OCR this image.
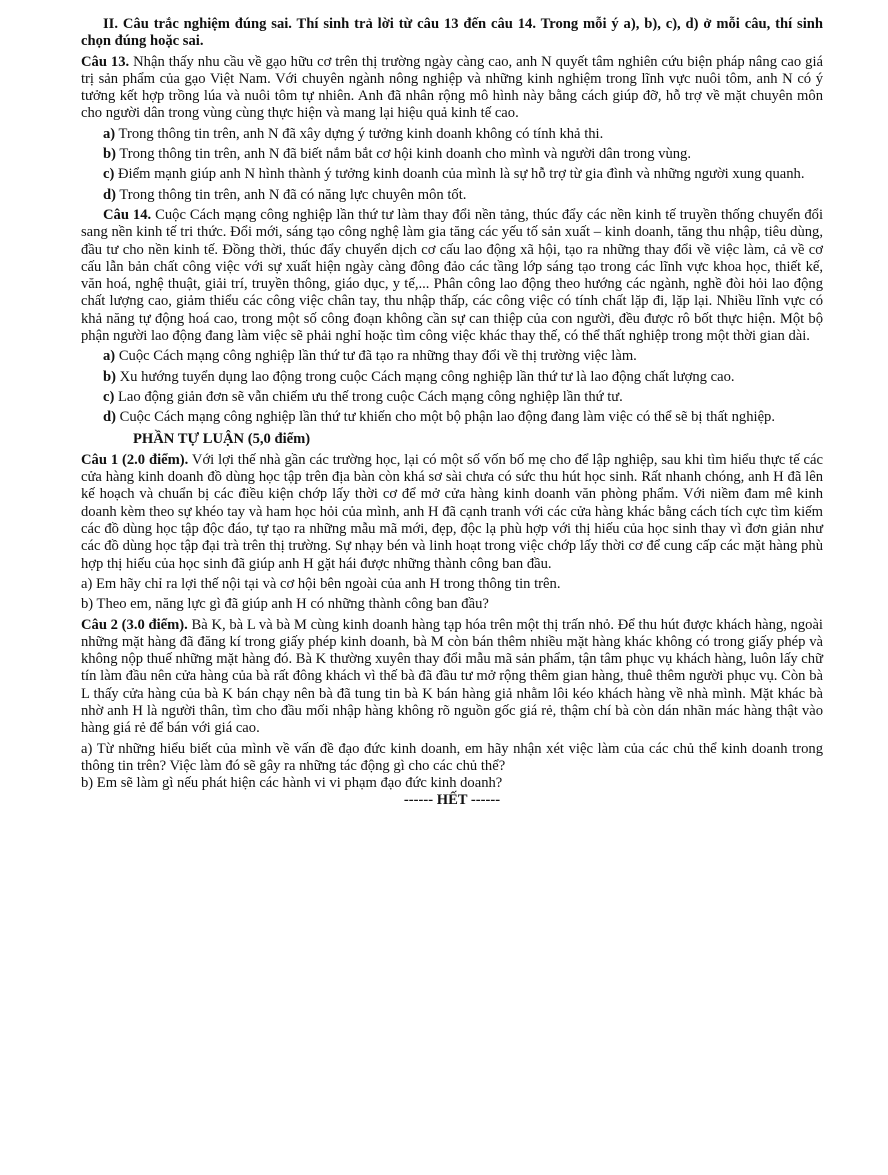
II. Câu trắc nghiệm đúng sai. Thí sinh trả lời từ câu 13 đến câu 14. Trong mỗi ý a), b), c), d) ở mỗi câu, thí sinh chọn đúng hoặc sai.

Câu 13. Nhận thấy nhu cầu về gạo hữu cơ trên thị trường ngày càng cao, anh N quyết tâm nghiên cứu biện pháp nâng cao giá trị sản phẩm của gạo Việt Nam. Với chuyên ngành nông nghiệp và những kinh nghiệm trong lĩnh vực nuôi tôm, anh N có ý tưởng kết hợp trồng lúa và nuôi tôm tự nhiên. Anh đã nhân rộng mô hình này bằng cách giúp đỡ, hỗ trợ về mặt chuyên môn cho người dân trong vùng cùng thực hiện và mang lại hiệu quả kinh tế cao.

a) Trong thông tin trên, anh N đã xây dựng ý tưởng kinh doanh không có tính khả thi.

b) Trong thông tin trên, anh N đã biết nắm bắt cơ hội kinh doanh cho mình và người dân trong vùng.

c) Điểm mạnh giúp anh N hình thành ý tưởng kinh doanh của mình là sự hỗ trợ từ gia đình và những người xung quanh.

d) Trong thông tin trên, anh N đã có năng lực chuyên môn tốt.

Câu 14. Cuộc Cách mạng công nghiệp lần thứ tư làm thay đổi nền tảng, thúc đẩy các nền kinh tế truyền thống chuyển đổi sang nền kinh tế tri thức. Đổi mới, sáng tạo công nghệ làm gia tăng các yếu tố sản xuất – kinh doanh, tăng thu nhập, tiêu dùng, đầu tư cho nền kinh tế. Đồng thời, thúc đẩy chuyển dịch cơ cấu lao động xã hội, tạo ra những thay đổi về việc làm, cả về cơ cấu lẫn bản chất công việc với sự xuất hiện ngày càng đông đảo các tầng lớp sáng tạo trong các lĩnh vực khoa học, thiết kế, văn hoá, nghệ thuật, giải trí, truyền thông, giáo dục, y tế,... Phân công lao động theo hướng các ngành, nghề đòi hỏi lao động chất lượng cao, giảm thiểu các công việc chân tay, thu nhập thấp, các công việc có tính chất lặp đi, lặp lại. Nhiều lĩnh vực có khả năng tự động hoá cao, trong một số công đoạn không cần sự can thiệp của con người, đều được rô bốt thực hiện. Một bộ phận người lao động đang làm việc sẽ phải nghỉ hoặc tìm công việc khác thay thế, có thể thất nghiệp trong một thời gian dài.

a) Cuộc Cách mạng công nghiệp lần thứ tư đã tạo ra những thay đổi về thị trường việc làm.

b) Xu hướng tuyển dụng lao động trong cuộc Cách mạng công nghiệp lần thứ tư là lao động chất lượng cao.

c) Lao động giản đơn sẽ vẫn chiếm ưu thế trong cuộc Cách mạng công nghiệp lần thứ tư.

d) Cuộc Cách mạng công nghiệp lần thứ tư khiến cho một bộ phận lao động đang làm việc có thể sẽ bị thất nghiệp.

PHẦN TỰ LUẬN (5,0 điểm)

Câu 1 (2.0 điểm). Với lợi thế nhà gần các trường học, lại có một số vốn bố mẹ cho để lập nghiệp, sau khi tìm hiểu thực tế các cửa hàng kinh doanh đồ dùng học tập trên địa bàn còn khá sơ sài chưa có sức thu hút học sinh. Rất nhanh chóng, anh H đã lên kế hoạch và chuẩn bị các điều kiện chớp lấy thời cơ để mở cửa hàng kinh doanh văn phòng phẩm. Với niềm đam mê kinh doanh kèm theo sự khéo tay và ham học hỏi của mình, anh H đã cạnh tranh với các cửa hàng khác bằng cách tích cực tìm kiếm các đồ dùng học tập độc đáo, tự tạo ra những mẫu mã mới, đẹp, độc lạ phù hợp với thị hiếu của học sinh thay vì đơn giản như các đồ dùng học tập đại trà trên thị trường. Sự nhạy bén và linh hoạt trong việc chớp lấy thời cơ để cung cấp các mặt hàng phù hợp thị hiếu của học sinh đã giúp anh H gặt hái được những thành công ban đầu.

a) Em hãy chỉ ra lợi thế nội tại và cơ hội bên ngoài của anh H trong thông tin trên.

b) Theo em, năng lực gì đã giúp anh H có những thành công ban đầu?

Câu 2 (3.0 điểm). Bà K, bà L và bà M cùng kinh doanh hàng tạp hóa trên một thị trấn nhỏ. Để thu hút được khách hàng, ngoài những mặt hàng đã đăng kí trong giấy phép kinh doanh, bà M còn bán thêm nhiều mặt hàng khác không có trong giấy phép và không nộp thuế những mặt hàng đó. Bà K thường xuyên thay đổi mẫu mã sản phẩm, tận tâm phục vụ khách hàng, luôn lấy chữ tín làm đầu nên cửa hàng của bà rất đông khách vì thế bà đã đầu tư mở rộng thêm gian hàng, thuê thêm người phục vụ. Còn bà L thấy cửa hàng của bà K bán chạy nên bà đã tung tin bà K bán hàng giả nhằm lôi kéo khách hàng về nhà mình. Mặt khác bà nhờ anh H là người thân, tìm cho đầu mối nhập hàng không rõ nguồn gốc giá rẻ, thậm chí bà còn dán nhãn mác hàng thật vào hàng giá rẻ để bán với giá cao.

a) Từ những hiểu biết của mình về vấn đề đạo đức kinh doanh, em hãy nhận xét việc làm của các chủ thể kinh doanh trong thông tin trên? Việc làm đó sẽ gây ra những tác động gì cho các chủ thể?

b) Em sẽ làm gì nếu phát hiện các hành vi vi phạm đạo đức kinh doanh?

------ HẾT ------
